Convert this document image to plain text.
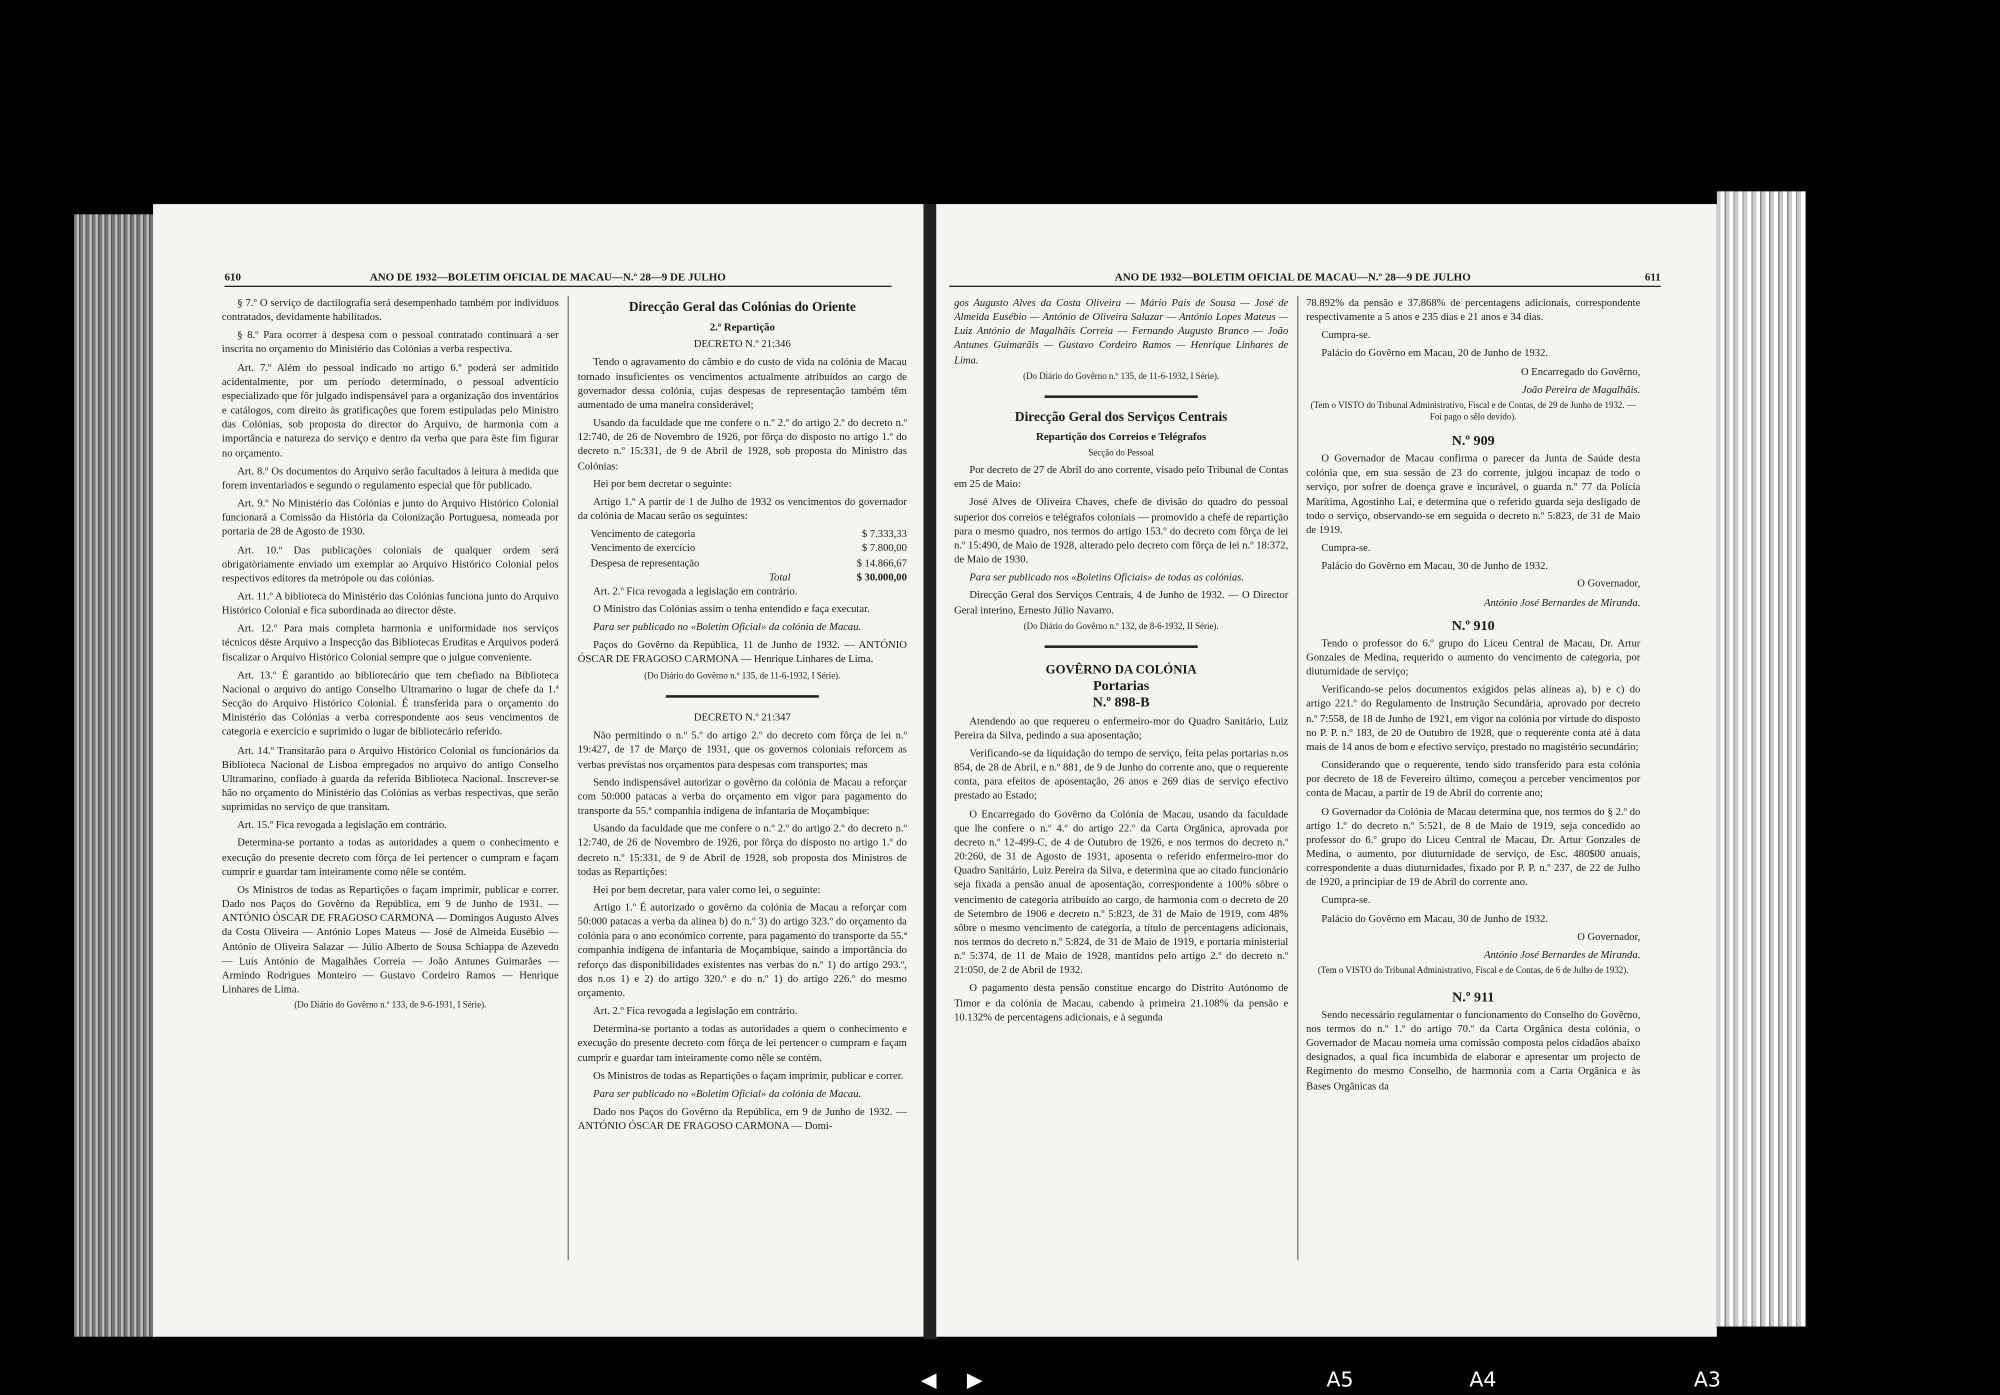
610	ANO DE 1932—BOLETIM OFICIAL DE MACAU—N.º 28—9 DE JULHO

§ 7.º O serviço de dactilografia será desempenhado também por indivíduos contratados, devidamente habilitados.

§ 8.º Para ocorrer à despesa com o pessoal contratado continuará a ser inscrita no orçamento do Ministério das Colónias a verba respectiva.

Art. 7.º Além do pessoal indicado no artigo 6.º poderá ser admitido acidentalmente, por um período determinado, o pessoal adventício especializado que fôr julgado indispensável para a organização dos inventários e catálogos, com direito às gratificações que forem estipuladas pelo Ministro das Colónias, sob proposta do director do Arquivo, de harmonia com a importância e natureza do serviço e dentro da verba que para êste fim figurar no orçamento.

Art. 8.º Os documentos do Arquivo serão facultados à leitura à medida que forem inventariados e segundo o regulamento especial que fôr publicado.

Art. 9.º No Ministério das Colónias e junto do Arquivo Histórico Colonial funcionará a Comissão da História da Colonização Portuguesa, nomeada por portaria de 28 de Agosto de 1930.

Art. 10.º Das publicações coloniais de qualquer ordem será obrigatòriamente enviado um exemplar ao Arquivo Histórico Colonial pelos respectivos editores da metrópole ou das colónias.

Art. 11.º A biblioteca do Ministério das Colónias funciona junto do Arquivo Histórico Colonial e fica subordinada ao director dêste.

Art. 12.º Para mais completa harmonia e uniformidade nos serviços técnicos dêste Arquivo a Inspecção das Bibliotecas Eruditas e Arquivos poderá fiscalizar o Arquivo Histórico Colonial sempre que o julgue conveniente.

Art. 13.º É garantido ao bibliotecário que tem chefiado na Biblioteca Nacional o arquivo do antigo Conselho Ultramarino o lugar de chefe da 1.ª Secção do Arquivo Histórico Colonial. É transferida para o orçamento do Ministério das Colónias a verba correspondente aos seus vencimentos de categoria e exercício e suprimido o lugar de bibliotecário referido.

Art. 14.º Transitarão para o Arquivo Histórico Colonial os funcionários da Biblioteca Nacional de Lisboa empregados no arquivo do antigo Conselho Ultramarino, confiado à guarda da referida Biblioteca Nacional. Inscrever-se hão no orçamento do Ministério das Colónias as verbas respectivas, que serão suprimidas no serviço de que transitam.

Art. 15.º Fica revogada a legislação em contrário.

Determina-se portanto a todas as autoridades a quem o conhecimento e execução do presente decreto com fôrça de lei pertencer o cumpram e façam cumprir e guardar tam inteiramente como nêle se contém.

Os Ministros de todas as Repartições o façam imprimir, publicar e correr. Dado nos Paços do Govêrno da República, em 9 de Junho de 1931. — ANTÓNIO ÓSCAR DE FRAGOSO CARMONA — Domingos Augusto Alves da Costa Oliveira — António Lopes Mateus — José de Almeida Eusébio — António de Oliveira Salazar — Júlio Alberto de Sousa Schiappa de Azevedo — Luís António de Magalhães Correia — João Antunes Guimarães — Armindo Rodrigues Monteiro — Gustavo Cordeiro Ramos — Henrique Linhares de Lima.

(Do Diário do Govêrno n.º 133, de 9-6-1931, I Série).

Direcção Geral das Colónias do Oriente
2.ª Repartição

DECRETO N.º 21:346

Tendo o agravamento do câmbio e do custo de vida na colónia de Macau tornado insuficientes os vencimentos actualmente atribuídos ao cargo de governador dessa colónia, cujas despesas de representação também têm aumentado de uma maneira considerável;

Usando da faculdade que me confere o n.º 2.º do artigo 2.º do decreto n.º 12:740, de 26 de Novembro de 1926, por fôrça do disposto no artigo 1.º do decreto n.º 15:331, de 9 de Abril de 1928, sob proposta do Ministro das Colónias:

Hei por bem decretar o seguinte:

Artigo 1.º A partir de 1 de Julho de 1932 os vencimentos do governador da colónia de Macau serão os seguintes:

Vencimento de categoria	$ 7.333,33
Vencimento de exercício	$ 7.800,00
Despesa de representação	$ 14.866,67
Total	$ 30.000,00

Art. 2.º Fica revogada a legislação em contrário.

O Ministro das Colónias assim o tenha entendido e faça executar.

Para ser publicado no «Boletim Oficial» da colónia de Macau.

Paços do Govêrno da República, 11 de Junho de 1932. — ANTÓNIO ÓSCAR DE FRAGOSO CARMONA — Henrique Linhares de Lima.

(Do Diário do Govêrno n.º 135, de 11-6-1932, I Série).

DECRETO N.º 21:347

Não permitindo o n.º 5.º do artigo 2.º do decreto com fôrça de lei n.º 19:427, de 17 de Março de 1931, que os governos coloniais reforcem as verbas previstas nos orçamentos para despesas com transportes; mas

Sendo indispensável autorizar o govêrno da colónia de Macau a reforçar com 50:000 patacas a verba do orçamento em vigor para pagamento do transporte da 55.ª companhia indígena de infantaria de Moçambique:

Usando da faculdade que me confere o n.º 2.º do artigo 2.º do decreto n.º 12:740, de 26 de Novembro de 1926, por fôrça do disposto no artigo 1.º do decreto n.º 15:331, de 9 de Abril de 1928, sob proposta dos Ministros de todas as Repartições:

Hei por bem decretar, para valer como lei, o seguinte:

Artigo 1.º É autorizado o govêrno da colónia de Macau a reforçar com 50:000 patacas a verba da alínea b) do n.º 3) do artigo 323.º do orçamento da colónia para o ano económico corrente, para pagamento do transporte da 55.ª companhia indígena de infantaria de Moçambique, saindo a importância do reforço das disponibilidades existentes nas verbas do n.º 1) do artigo 293.º, dos n.os 1) e 2) do artigo 320.º e do n.º 1) do artigo 226.º do mesmo orçamento.

Art. 2.º Fica revogada a legislação em contrário.

Determina-se portanto a todas as autoridades a quem o conhecimento e execução do presente decreto com fôrça de lei pertencer o cumpram e façam cumprir e guardar tam inteiramente como nêle se contém.

Os Ministros de todas as Repartições o façam imprimir, publicar e correr.

Para ser publicado no «Boletim Oficial» da colónia de Macau.

Dado nos Paços do Govêrno da República, em 9 de Junho de 1932. — ANTÓNIO ÓSCAR DE FRAGOSO CARMONA — Domi-

ANO DE 1932—BOLETIM OFICIAL DE MACAU—N.º 28—9 DE JULHO	611

gos Augusto Alves da Costa Oliveira — Mário Pais de Sousa — José de Almeida Eusébio — António de Oliveira Salazar — António Lopes Mateus — Luiz António de Magalhãis Correia — Fernando Augusto Branco — João Antunes Guimarãis — Gustavo Cordeiro Ramos — Henrique Linhares de Lima.

(Do Diário do Govêrno n.º 135, de 11-6-1932, I Série).

Direcção Geral dos Serviços Centrais
Repartição dos Correios e Telégrafos

Secção do Pessoal

Por decreto de 27 de Abril do ano corrente, visado pelo Tribunal de Contas em 25 de Maio:

José Alves de Oliveira Chaves, chefe de divisão do quadro do pessoal superior dos correios e telégrafos coloniais — promovido a chefe de repartição para o mesmo quadro, nos termos do artigo 153.º do decreto com fôrça de lei n.º 15:490, de Maio de 1928, alterado pelo decreto com fôrça de lei n.º 18:372, de Maio de 1930.

Para ser publicado nos «Boletins Oficiais» de todas as colónias.

Direcção Geral dos Serviços Centrais, 4 de Junho de 1932. — O Director Geral interino, Ernesto Júlio Navarro.

(Do Diário do Govêrno n.º 132, de 8-6-1932, II Série).

GOVÊRNO DA COLÓNIA
Portarias
N.º 898-B

Atendendo ao que requereu o enfermeiro-mor do Quadro Sanitário, Luiz Pereira da Silva, pedindo a sua aposentação;

Verificando-se da liquidação do tempo de serviço, feita pelas portarias n.os 854, de 28 de Abril, e n.º 881, de 9 de Junho do corrente ano, que o requerente conta, para efeitos de aposentação, 26 anos e 269 dias de serviço efectivo prestado ao Estado;

O Encarregado do Govêrno da Colónia de Macau, usando da faculdade que lhe confere o n.º 4.º do artigo 22.º da Carta Orgânica, aprovada por decreto n.º 12-499-C, de 4 de Outubro de 1926, e nos termos do decreto n.º 20:260, de 31 de Agosto de 1931, aposenta o referido enfermeiro-mor do Quadro Sanitário, Luiz Pereira da Silva, e determina que ao citado funcionário seja fixada a pensão anual de aposentação, correspondente a 100% sôbre o vencimento de categoria atribuído ao cargo, de harmonia com o decreto de 20 de Setembro de 1906 e decreto n.º 5:823, de 31 de Maio de 1919, com 48% sôbre o mesmo vencimento de categoria, a título de percentagens adicionais, nos termos do decreto n.º 5:824, de 31 de Maio de 1919, e portaria ministerial n.º 5:374, de 11 de Maio de 1928, mantidos pelo artigo 2.º do decreto n.º 21:050, de 2 de Abril de 1932.

O pagamento desta pensão constitue encargo do Distrito Autónomo de Timor e da colónia de Macau, cabendo à primeira 21.108% da pensão e 10.132% de percentagens adicionais, e à segunda

78.892% da pensão e 37.868% de percentagens adicionais, correspondente respectivamente a 5 anos e 235 dias e 21 anos e 34 dias.

Cumpra-se.

Palácio do Govêrno em Macau, 20 de Junho de 1932.

O Encarregado do Govêrno,

João Pereira de Magalhãis.

(Tem o VISTO do Tribunal Administrativo, Fiscal e de Contas, de 29 de Junho de 1932. — Foi pago o sêlo devido).

N.º 909

O Governador de Macau confirma o parecer da Junta de Saúde desta colónia que, em sua sessão de 23 do corrente, julgou incapaz de todo o serviço, por sofrer de doença grave e incurável, o guarda n.º 77 da Polícia Marítima, Agostinho Lai, e determina que o referido guarda seja desligado de todo o serviço, observando-se em seguida o decreto n.º 5:823, de 31 de Maio de 1919.

Cumpra-se.

Palácio do Govêrno em Macau, 30 de Junho de 1932.

O Governador,

António José Bernardes de Miranda.

N.º 910

Tendo o professor do 6.º grupo do Liceu Central de Macau, Dr. Artur Gonzales de Medina, requerido o aumento do vencimento de categoria, por diuturnidade de serviço;

Verificando-se pelos documentos exigidos pelas alíneas a), b) e c) do artigo 221.º do Regulamento de Instrução Secundária, aprovado por decreto n.º 7:558, de 18 de Junho de 1921, em vigor na colónia por virtude do disposto no P. P. n.º 183, de 20 de Outubro de 1928, que o requerente conta até à data mais de 14 anos de bom e efectivo serviço, prestado no magistério secundário;

Considerando que o requerente, tendo sido transferido para esta colónia por decreto de 18 de Fevereiro último, começou a perceber vencimentos por conta de Macau, a partir de 19 de Abril do corrente ano;

O Governador da Colónia de Macau determina que, nos termos do § 2.º do artigo 1.º do decreto n.º 5:521, de 8 de Maio de 1919, seja concedido ao professor do 6.º grupo do Liceu Central de Macau, Dr. Artur Gonzales de Medina, o aumento, por diuturnidade de serviço, de Esc. 480$00 anuais, correspondente a duas diuturnidades, fixado por P. P. n.º 237, de 22 de Julho de 1920, a principiar de 19 de Abril do corrente ano.

Cumpra-se.

Palácio do Govêrno em Macau, 30 de Junho de 1932.

O Governador,

António José Bernardes de Miranda.

(Tem o VISTO do Tribunal Administrativo, Fiscal e de Contas, de 6 de Julho de 1932).

N.º 911

Sendo necessário regulamentar o funcionamento do Conselho do Govêrno, nos termos do n.º 1.º do artigo 70.º da Carta Orgânica desta colónia, o Governador de Macau nomeia uma comissão composta pelos cidadãos abaixo designados, a qual fica incumbida de elaborar e apresentar um projecto de Regimento do mesmo Conselho, de harmonia com a Carta Orgânica e às Bases Orgânicas da

◀ ▶	A5	A4	A3
